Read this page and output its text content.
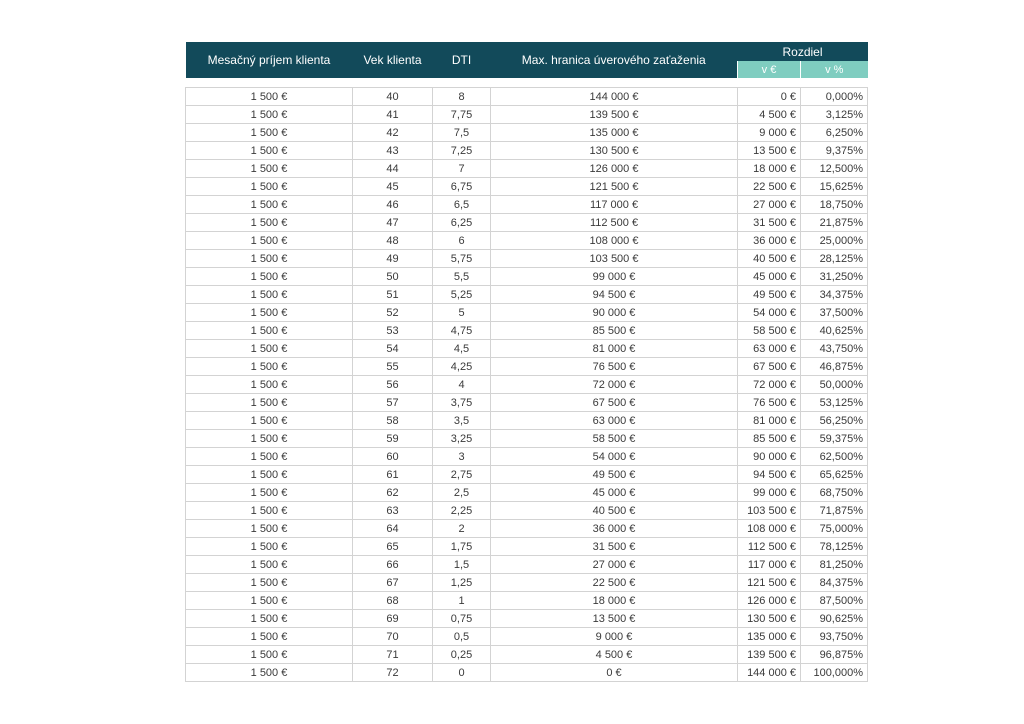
Mesačný príjem klienta	Vek klienta	DTI	Max. hranica úverového zaťaženia	Rozdiel	
				v €	v %

1 500 €	40	8	144 000 €	0 €	0,000%
1 500 €	41	7,75	139 500 €	4 500 €	3,125%
1 500 €	42	7,5	135 000 €	9 000 €	6,250%
1 500 €	43	7,25	130 500 €	13 500 €	9,375%
1 500 €	44	7	126 000 €	18 000 €	12,500%
1 500 €	45	6,75	121 500 €	22 500 €	15,625%
1 500 €	46	6,5	117 000 €	27 000 €	18,750%
1 500 €	47	6,25	112 500 €	31 500 €	21,875%
1 500 €	48	6	108 000 €	36 000 €	25,000%
1 500 €	49	5,75	103 500 €	40 500 €	28,125%
1 500 €	50	5,5	99 000 €	45 000 €	31,250%
1 500 €	51	5,25	94 500 €	49 500 €	34,375%
1 500 €	52	5	90 000 €	54 000 €	37,500%
1 500 €	53	4,75	85 500 €	58 500 €	40,625%
1 500 €	54	4,5	81 000 €	63 000 €	43,750%
1 500 €	55	4,25	76 500 €	67 500 €	46,875%
1 500 €	56	4	72 000 €	72 000 €	50,000%
1 500 €	57	3,75	67 500 €	76 500 €	53,125%
1 500 €	58	3,5	63 000 €	81 000 €	56,250%
1 500 €	59	3,25	58 500 €	85 500 €	59,375%
1 500 €	60	3	54 000 €	90 000 €	62,500%
1 500 €	61	2,75	49 500 €	94 500 €	65,625%
1 500 €	62	2,5	45 000 €	99 000 €	68,750%
1 500 €	63	2,25	40 500 €	103 500 €	71,875%
1 500 €	64	2	36 000 €	108 000 €	75,000%
1 500 €	65	1,75	31 500 €	112 500 €	78,125%
1 500 €	66	1,5	27 000 €	117 000 €	81,250%
1 500 €	67	1,25	22 500 €	121 500 €	84,375%
1 500 €	68	1	18 000 €	126 000 €	87,500%
1 500 €	69	0,75	13 500 €	130 500 €	90,625%
1 500 €	70	0,5	9 000 €	135 000 €	93,750%
1 500 €	71	0,25	4 500 €	139 500 €	96,875%
1 500 €	72	0	0 €	144 000 €	100,000%
